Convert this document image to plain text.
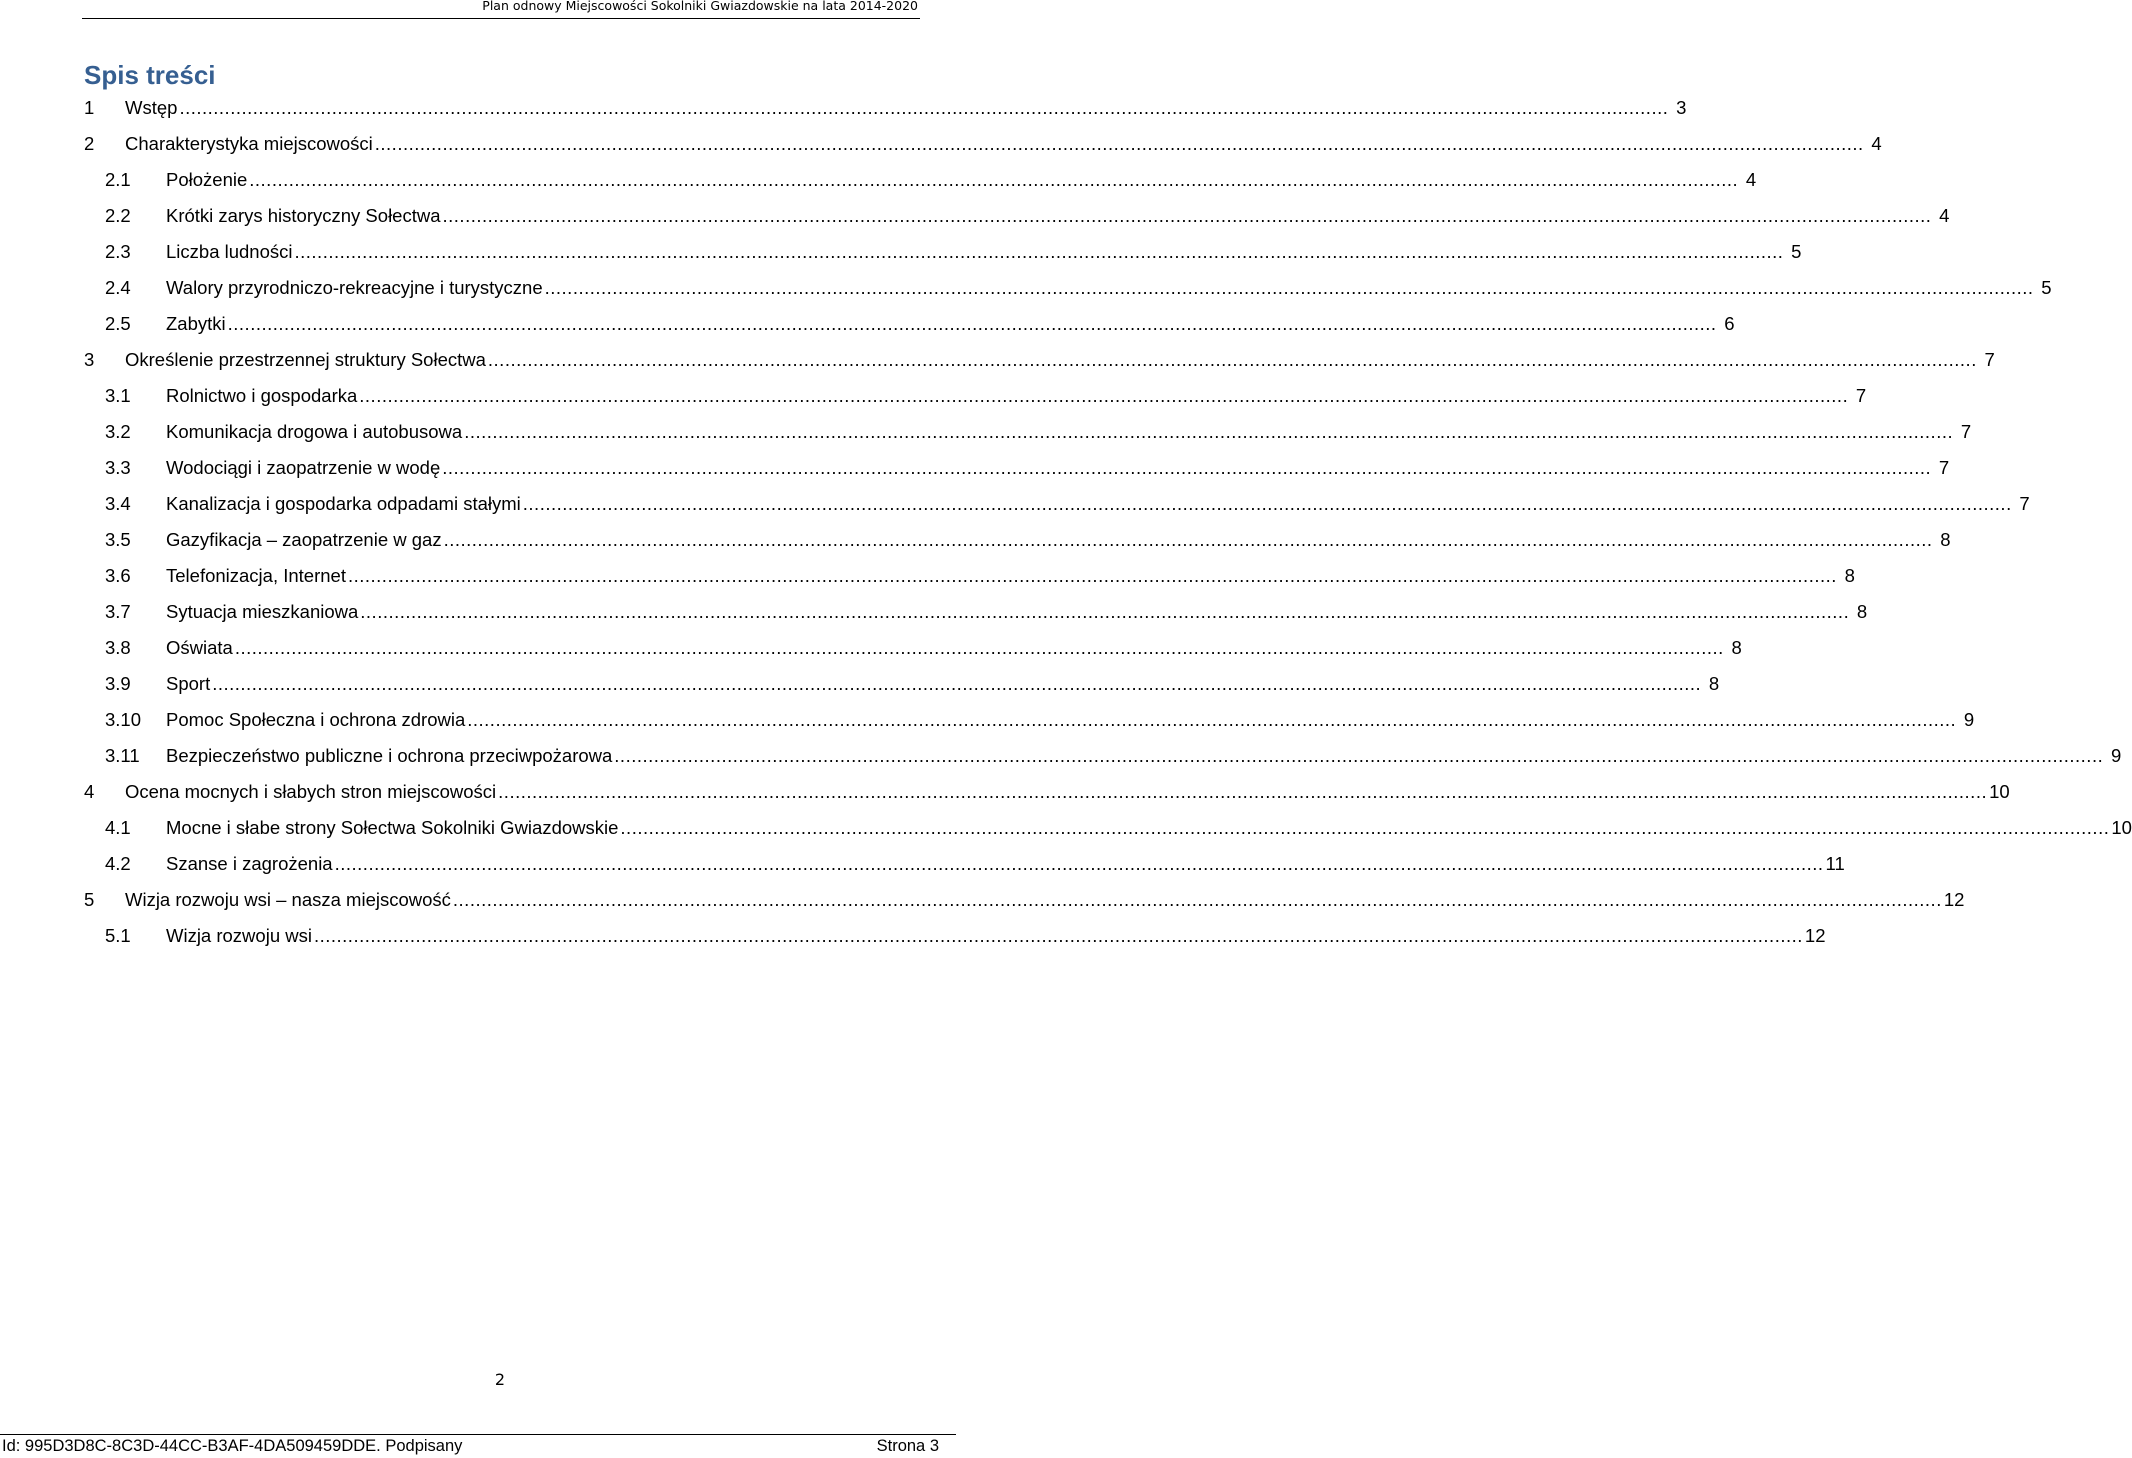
Plan odnowy Miejscowości Sokolniki Gwiazdowskie na lata 2014-2020
Spis treści
1	Wstęp .....	3
2	Charakterystyka miejscowości .....	4
2.1	Położenie .....	4
2.2	Krótki zarys historyczny Sołectwa .....	4
2.3	Liczba ludności .....	5
2.4	Walory przyrodniczo-rekreacyjne i turystyczne .....	5
2.5	Zabytki .....	6
3	Określenie przestrzennej struktury Sołectwa .....	7
3.1	Rolnictwo i gospodarka .....	7
3.2	Komunikacja drogowa i autobusowa .....	7
3.3	Wodociągi i zaopatrzenie w wodę .....	7
3.4	Kanalizacja i gospodarka odpadami stałymi .....	7
3.5	Gazyfikacja – zaopatrzenie w gaz .....	8
3.6	Telefonizacja, Internet .....	8
3.7	Sytuacja mieszkaniowa .....	8
3.8	Oświata .....	8
3.9	Sport .....	8
3.10	Pomoc Społeczna i ochrona zdrowia .....	9
3.11	Bezpieczeństwo publiczne i ochrona przeciwpożarowa .....	9
4	Ocena mocnych i słabych stron miejscowości .....	10
4.1	Mocne i słabe strony Sołectwa Sokolniki Gwiazdowskie .....	10
4.2	Szanse i zagrożenia .....	11
5	Wizja rozwoju wsi – nasza miejscowość .....	12
5.1	Wizja rozwoju wsi .....	12
2
Id: 995D3D8C-8C3D-44CC-B3AF-4DA509459DDE. Podpisany	Strona 3
